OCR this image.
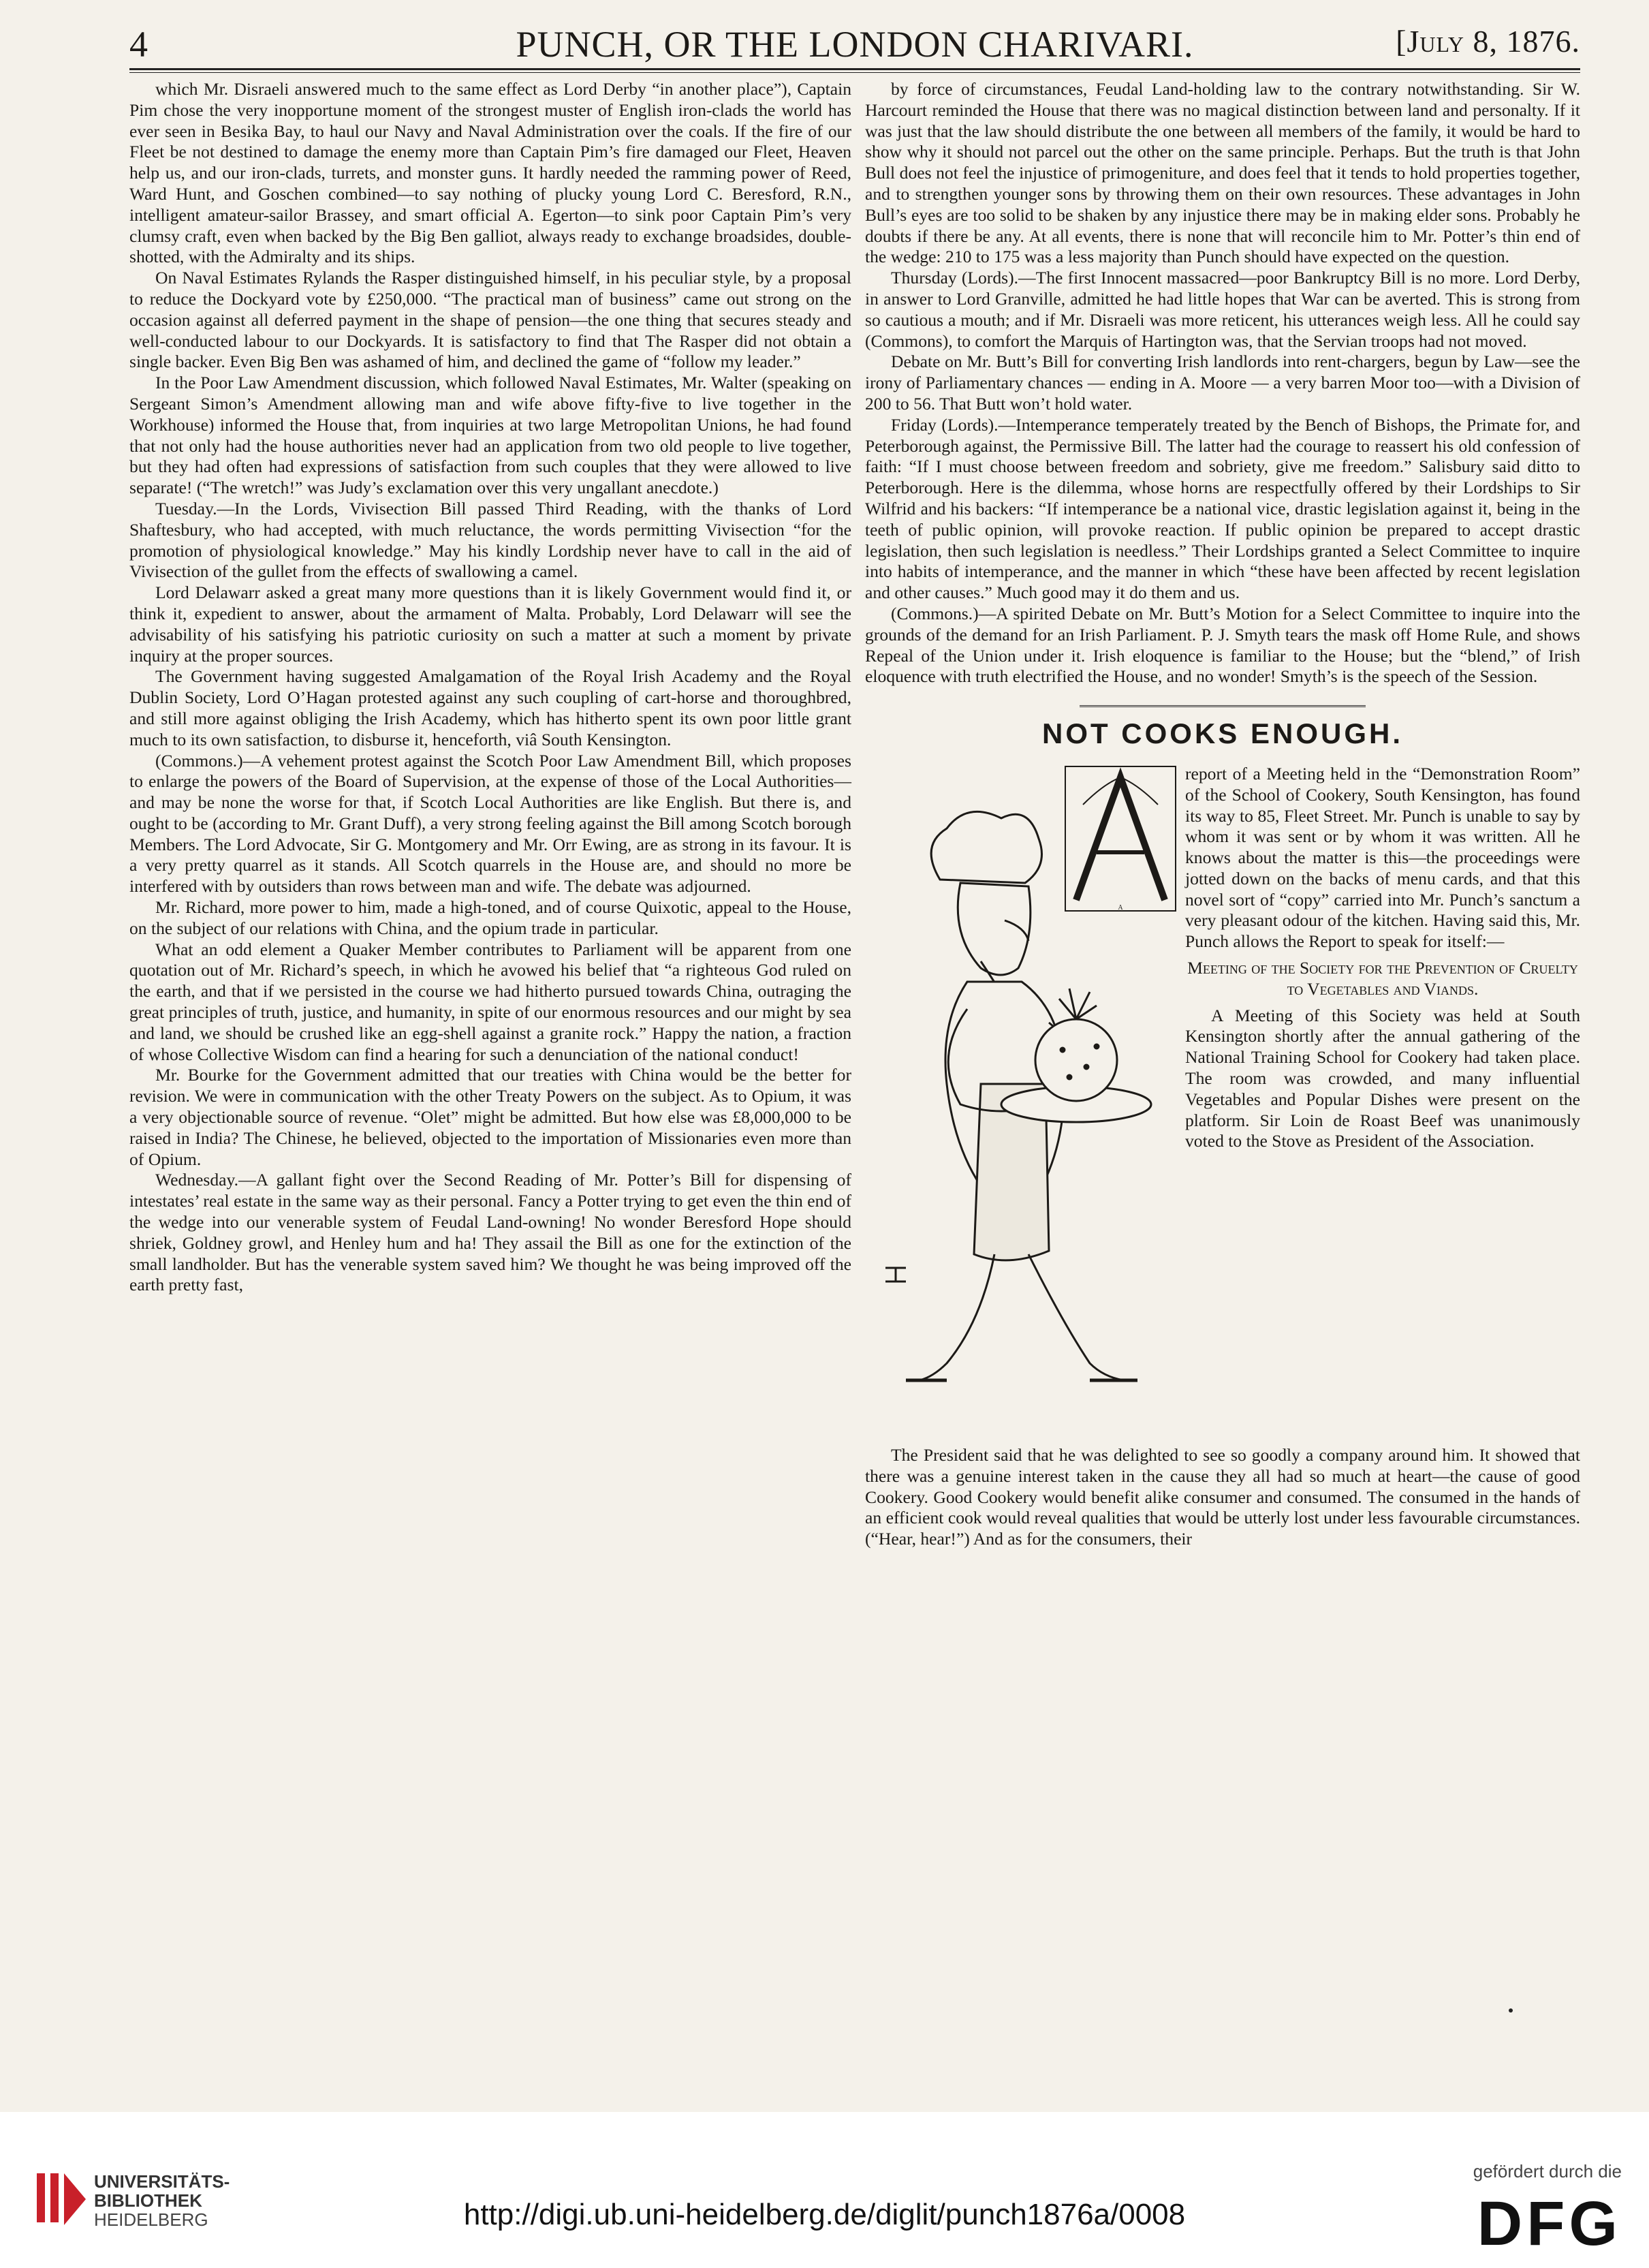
4	PUNCH, OR THE LONDON CHARIVARI.	[July 8, 1876.

which Mr. Disraeli answered much to the same effect as Lord Derby “in another place”), Captain Pim chose the very inopportune moment of the strongest muster of English iron-clads the world has ever seen in Besika Bay, to haul our Navy and Naval Administration over the coals. If the fire of our Fleet be not destined to damage the enemy more than Captain Pim’s fire damaged our Fleet, Heaven help us, and our iron-clads, turrets, and monster guns. It hardly needed the ramming power of Reed, Ward Hunt, and Goschen combined—to say nothing of plucky young Lord C. Beresford, R.N., intelligent amateur-sailor Brassey, and smart official A. Egerton—to sink poor Captain Pim’s very clumsy craft, even when backed by the Big Ben galliot, always ready to exchange broadsides, double-shotted, with the Admiralty and its ships.

On Naval Estimates Rylands the Rasper distinguished himself, in his peculiar style, by a proposal to reduce the Dockyard vote by £250,000. “The practical man of business” came out strong on the occasion against all deferred payment in the shape of pension—the one thing that secures steady and well-conducted labour to our Dockyards. It is satisfactory to find that The Rasper did not obtain a single backer. Even Big Ben was ashamed of him, and declined the game of “follow my leader.”

In the Poor Law Amendment discussion, which followed Naval Estimates, Mr. Walter (speaking on Sergeant Simon’s Amendment allowing man and wife above fifty-five to live together in the Workhouse) informed the House that, from inquiries at two large Metropolitan Unions, he had found that not only had the house authorities never had an application from two old people to live together, but they had often had expressions of satisfaction from such couples that they were allowed to live separate! (“The wretch!” was Judy’s exclamation over this very ungallant anecdote.)

Tuesday.—In the Lords, Vivisection Bill passed Third Reading, with the thanks of Lord Shaftesbury, who had accepted, with much reluctance, the words permitting Vivisection “for the promotion of physiological knowledge.” May his kindly Lordship never have to call in the aid of Vivisection of the gullet from the effects of swallowing a camel.

Lord Delawarr asked a great many more questions than it is likely Government would find it, or think it, expedient to answer, about the armament of Malta. Probably, Lord Delawarr will see the advisability of his satisfying his patriotic curiosity on such a matter at such a moment by private inquiry at the proper sources.

The Government having suggested Amalgamation of the Royal Irish Academy and the Royal Dublin Society, Lord O’Hagan protested against any such coupling of cart-horse and thoroughbred, and still more against obliging the Irish Academy, which has hitherto spent its own poor little grant much to its own satisfaction, to disburse it, henceforth, viâ South Kensington.

(Commons.)—A vehement protest against the Scotch Poor Law Amendment Bill, which proposes to enlarge the powers of the Board of Supervision, at the expense of those of the Local Authorities—and may be none the worse for that, if Scotch Local Authorities are like English. But there is, and ought to be (according to Mr. Grant Duff), a very strong feeling against the Bill among Scotch borough Members. The Lord Advocate, Sir G. Montgomery and Mr. Orr Ewing, are as strong in its favour. It is a very pretty quarrel as it stands. All Scotch quarrels in the House are, and should no more be interfered with by outsiders than rows between man and wife. The debate was adjourned.

Mr. Richard, more power to him, made a high-toned, and of course Quixotic, appeal to the House, on the subject of our relations with China, and the opium trade in particular.

What an odd element a Quaker Member contributes to Parliament will be apparent from one quotation out of Mr. Richard’s speech, in which he avowed his belief that “a righteous God ruled on the earth, and that if we persisted in the course we had hitherto pursued towards China, outraging the great principles of truth, justice, and humanity, in spite of our enormous resources and our might by sea and land, we should be crushed like an egg-shell against a granite rock.” Happy the nation, a fraction of whose Collective Wisdom can find a hearing for such a denunciation of the national conduct!

Mr. Bourke for the Government admitted that our treaties with China would be the better for revision. We were in communication with the other Treaty Powers on the subject. As to Opium, it was a very objectionable source of revenue. “Olet” might be admitted. But how else was £8,000,000 to be raised in India? The Chinese, he believed, objected to the importation of Missionaries even more than of Opium.

Wednesday.—A gallant fight over the Second Reading of Mr. Potter’s Bill for dispensing of intestates’ real estate in the same way as their personal. Fancy a Potter trying to get even the thin end of the wedge into our venerable system of Feudal Land-owning! No wonder Beresford Hope should shriek, Goldney growl, and Henley hum and ha! They assail the Bill as one for the extinction of the small landholder. But has the venerable system saved him? We thought he was being improved off the earth pretty fast,

by force of circumstances, Feudal Land-holding law to the contrary notwithstanding. Sir W. Harcourt reminded the House that there was no magical distinction between land and personalty. If it was just that the law should distribute the one between all members of the family, it would be hard to show why it should not parcel out the other on the same principle. Perhaps. But the truth is that John Bull does not feel the injustice of primogeniture, and does feel that it tends to hold properties together, and to strengthen younger sons by throwing them on their own resources. These advantages in John Bull’s eyes are too solid to be shaken by any injustice there may be in making elder sons. Probably he doubts if there be any. At all events, there is none that will reconcile him to Mr. Potter’s thin end of the wedge: 210 to 175 was a less majority than Punch should have expected on the question.

Thursday (Lords).—The first Innocent massacred—poor Bankruptcy Bill is no more. Lord Derby, in answer to Lord Granville, admitted he had little hopes that War can be averted. This is strong from so cautious a mouth; and if Mr. Disraeli was more reticent, his utterances weigh less. All he could say (Commons), to comfort the Marquis of Hartington was, that the Servian troops had not moved.

Debate on Mr. Butt’s Bill for converting Irish landlords into rent-chargers, begun by Law—see the irony of Parliamentary chances — ending in A. Moore — a very barren Moor too—with a Division of 200 to 56. That Butt won’t hold water.

Friday (Lords).—Intemperance temperately treated by the Bench of Bishops, the Primate for, and Peterborough against, the Permissive Bill. The latter had the courage to reassert his old confession of faith: “If I must choose between freedom and sobriety, give me freedom.” Salisbury said ditto to Peterborough. Here is the dilemma, whose horns are respectfully offered by their Lordships to Sir Wilfrid and his backers: “If intemperance be a national vice, drastic legislation against it, being in the teeth of public opinion, will provoke reaction. If public opinion be prepared to accept drastic legislation, then such legislation is needless.” Their Lordships granted a Select Committee to inquire into habits of intemperance, and the manner in which “these have been affected by recent legislation and other causes.” Much good may it do them and us.

(Commons.)—A spirited Debate on Mr. Butt’s Motion for a Select Committee to inquire into the grounds of the demand for an Irish Parliament. P. J. Smyth tears the mask off Home Rule, and shows Repeal of the Union under it. Irish eloquence is familiar to the House; but the “blend,” of Irish eloquence with truth electrified the House, and no wonder! Smyth’s is the speech of the Session.

NOT COOKS ENOUGH.
A

report of a Meeting held in the “Demonstration Room” of the School of Cookery, South Kensington, has found its way to 85, Fleet Street. Mr. Punch is unable to say by whom it was sent or by whom it was written. All he knows about the matter is this—the proceedings were jotted down on the backs of menu cards, and that this novel sort of “copy” carried into Mr. Punch’s sanctum a very pleasant odour of the kitchen. Having said this, Mr. Punch allows the Report to speak for itself:—

Meeting of the Society for the Prevention of Cruelty to Vegetables and Viands.

A Meeting of this Society was held at South Kensington shortly after the annual gathering of the National Training School for Cookery had taken place. The room was crowded, and many influential Vegetables and Popular Dishes were present on the platform. Sir Loin de Roast Beef was unanimously voted to the Stove as President of the Association.

The President said that he was delighted to see so goodly a company around him. It showed that there was a genuine interest taken in the cause they all had so much at heart—the cause of good Cookery. Good Cookery would benefit alike consumer and consumed. The consumed in the hands of an efficient cook would reveal qualities that would be utterly lost under less favourable circumstances. (“Hear, hear!”) And as for the consumers, their

UNIVERSITÄTS-
BIBLIOTHEK
HEIDELBERG	http://digi.ub.uni-heidelberg.de/diglit/punch1876a/0008
gefördert durch die
DFG
